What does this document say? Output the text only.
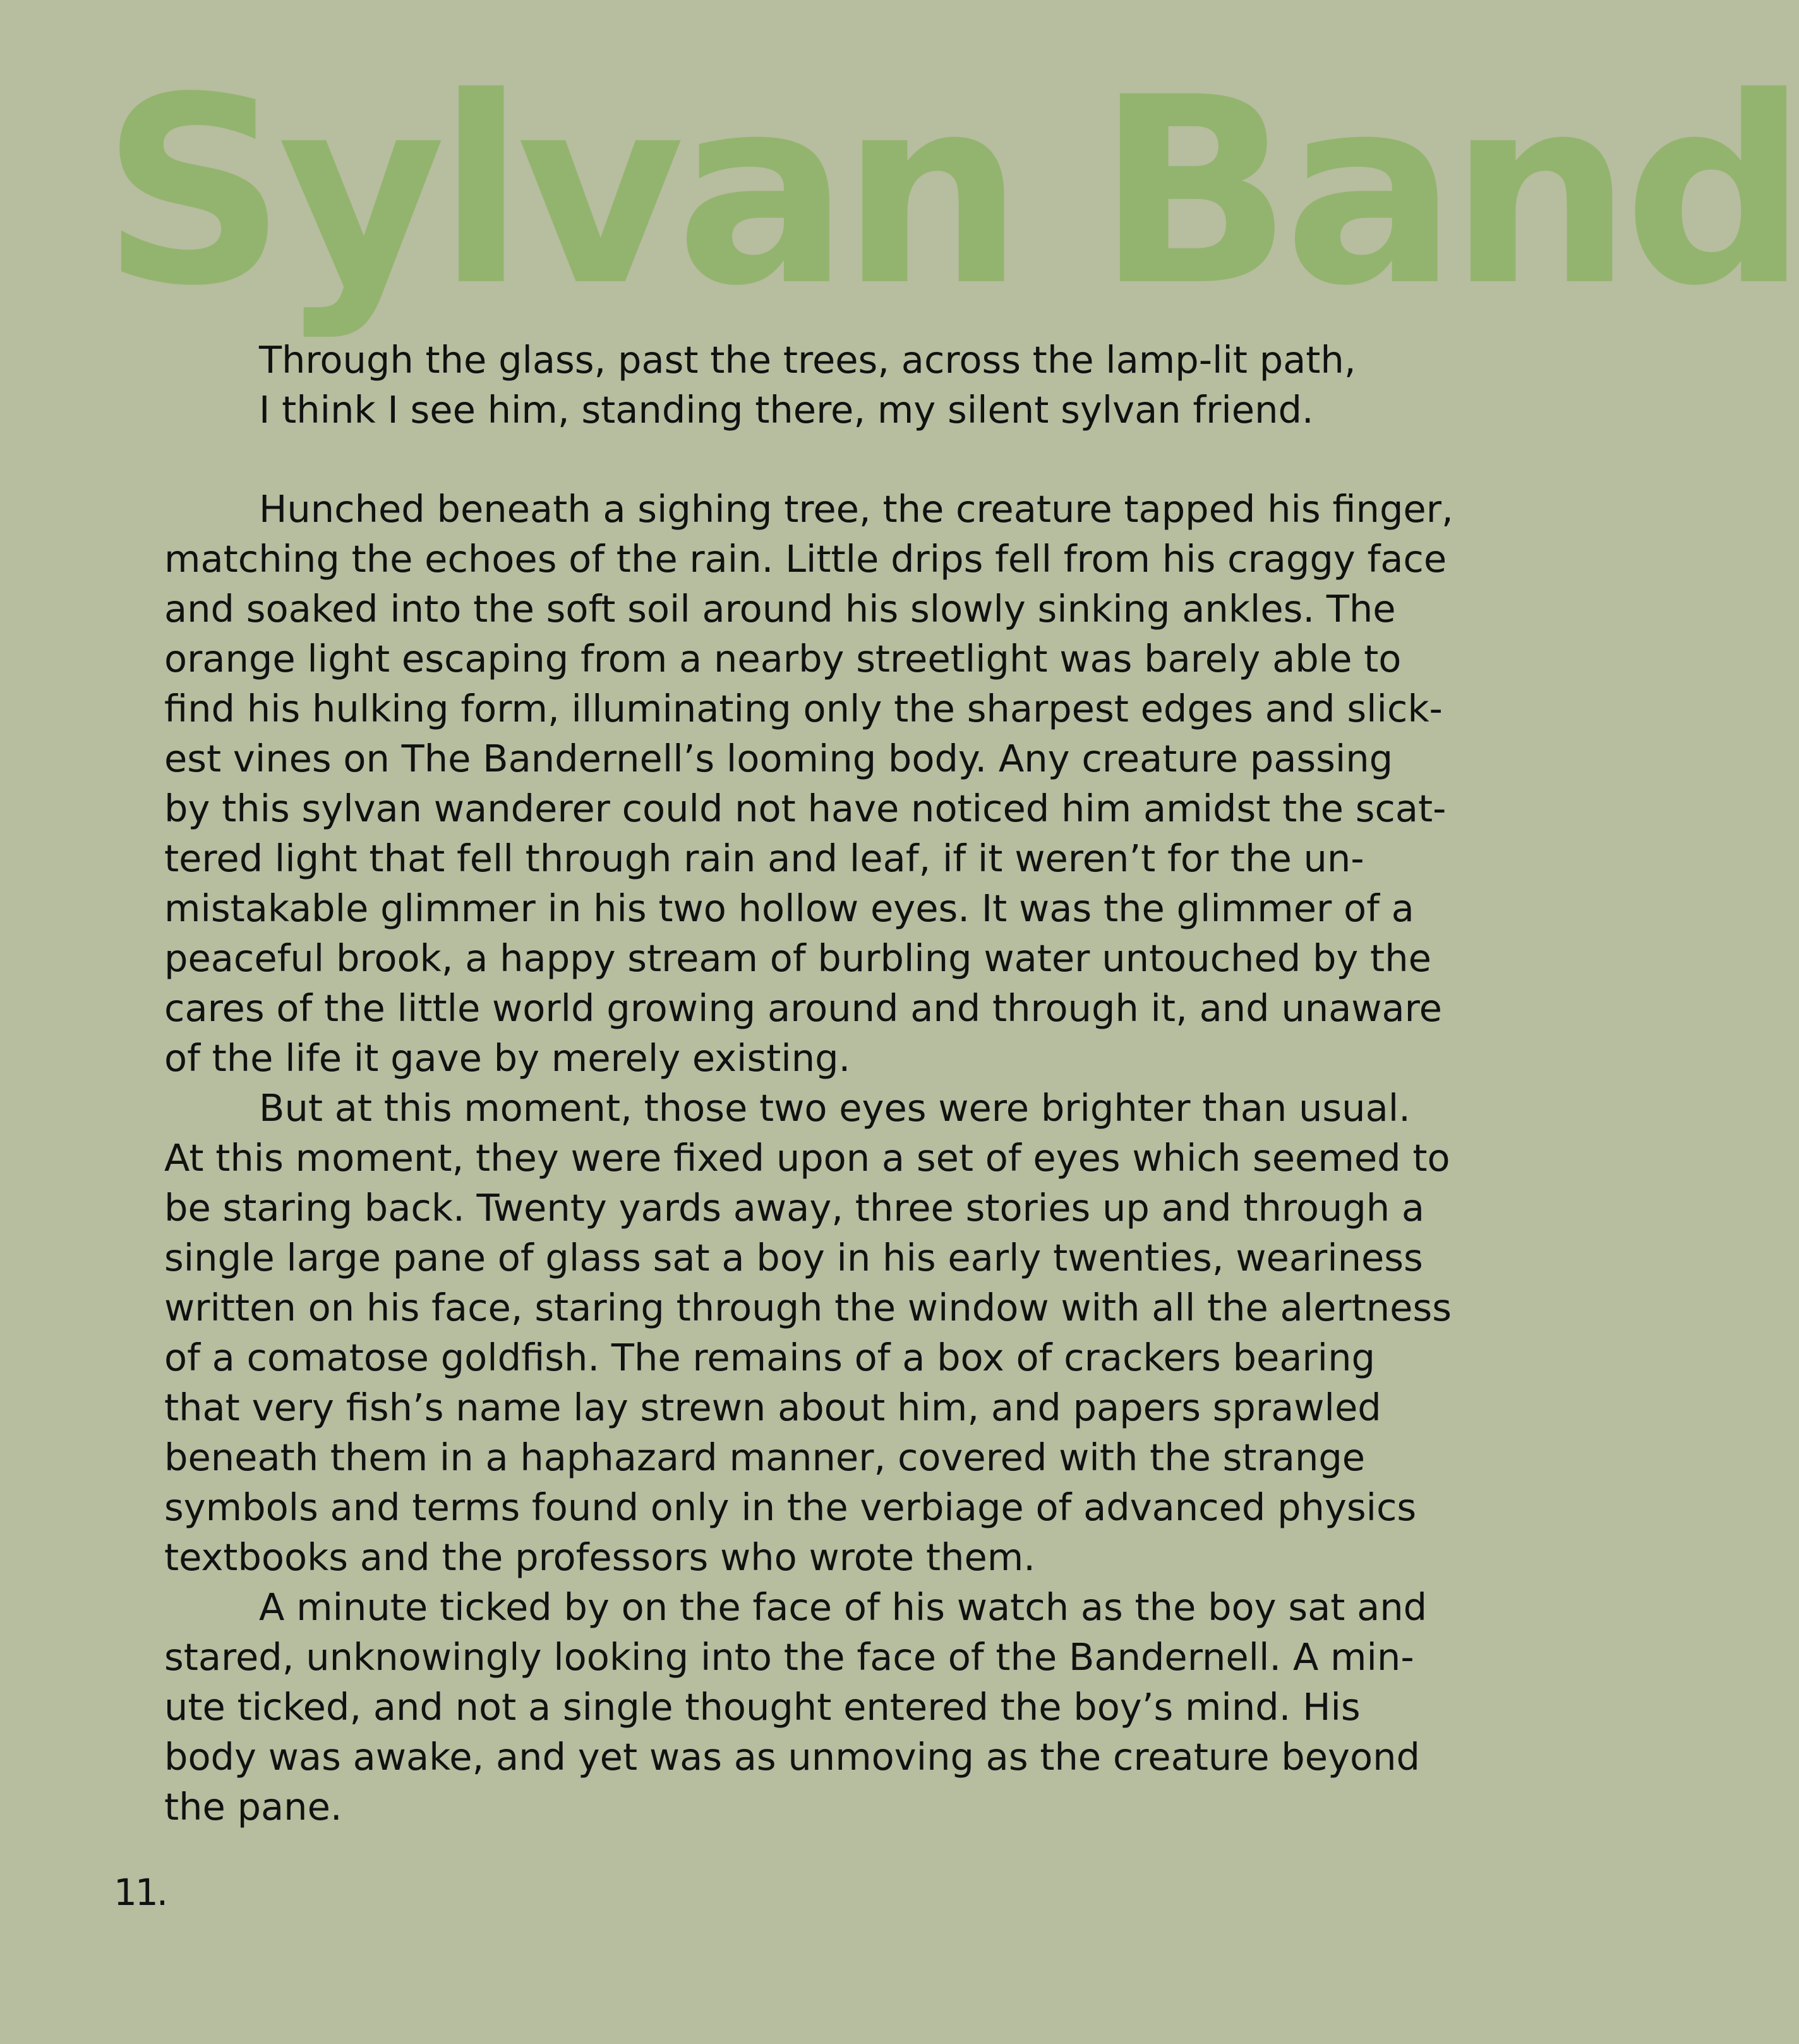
Sylvan Band
Through the glass, past the trees, across the lamp-lit path,
I think I see him, standing there, my silent sylvan friend.
Hunched beneath a sighing tree, the creature tapped his finger,
matching the echoes of the rain. Little drips fell from his craggy face
and soaked into the soft soil around his slowly sinking ankles. The
orange light escaping from a nearby streetlight was barely able to
find his hulking form, illuminating only the sharpest edges and slick-
est vines on The Bandernell’s looming body. Any creature passing
by this sylvan wanderer could not have noticed him amidst the scat-
tered light that fell through rain and leaf, if it weren’t for the un-
mistakable glimmer in his two hollow eyes. It was the glimmer of a
peaceful brook, a happy stream of burbling water untouched by the
cares of the little world growing around and through it, and unaware
of the life it gave by merely existing.
But at this moment, those two eyes were brighter than usual.
At this moment, they were fixed upon a set of eyes which seemed to
be staring back. Twenty yards away, three stories up and through a
single large pane of glass sat a boy in his early twenties, weariness
written on his face, staring through the window with all the alertness
of a comatose goldfish. The remains of a box of crackers bearing
that very fish’s name lay strewn about him, and papers sprawled
beneath them in a haphazard manner, covered with the strange
symbols and terms found only in the verbiage of advanced physics
textbooks and the professors who wrote them.
A minute ticked by on the face of his watch as the boy sat and
stared, unknowingly looking into the face of the Bandernell. A min-
ute ticked, and not a single thought entered the boy’s mind. His
body was awake, and yet was as unmoving as the creature beyond
the pane.
11.
